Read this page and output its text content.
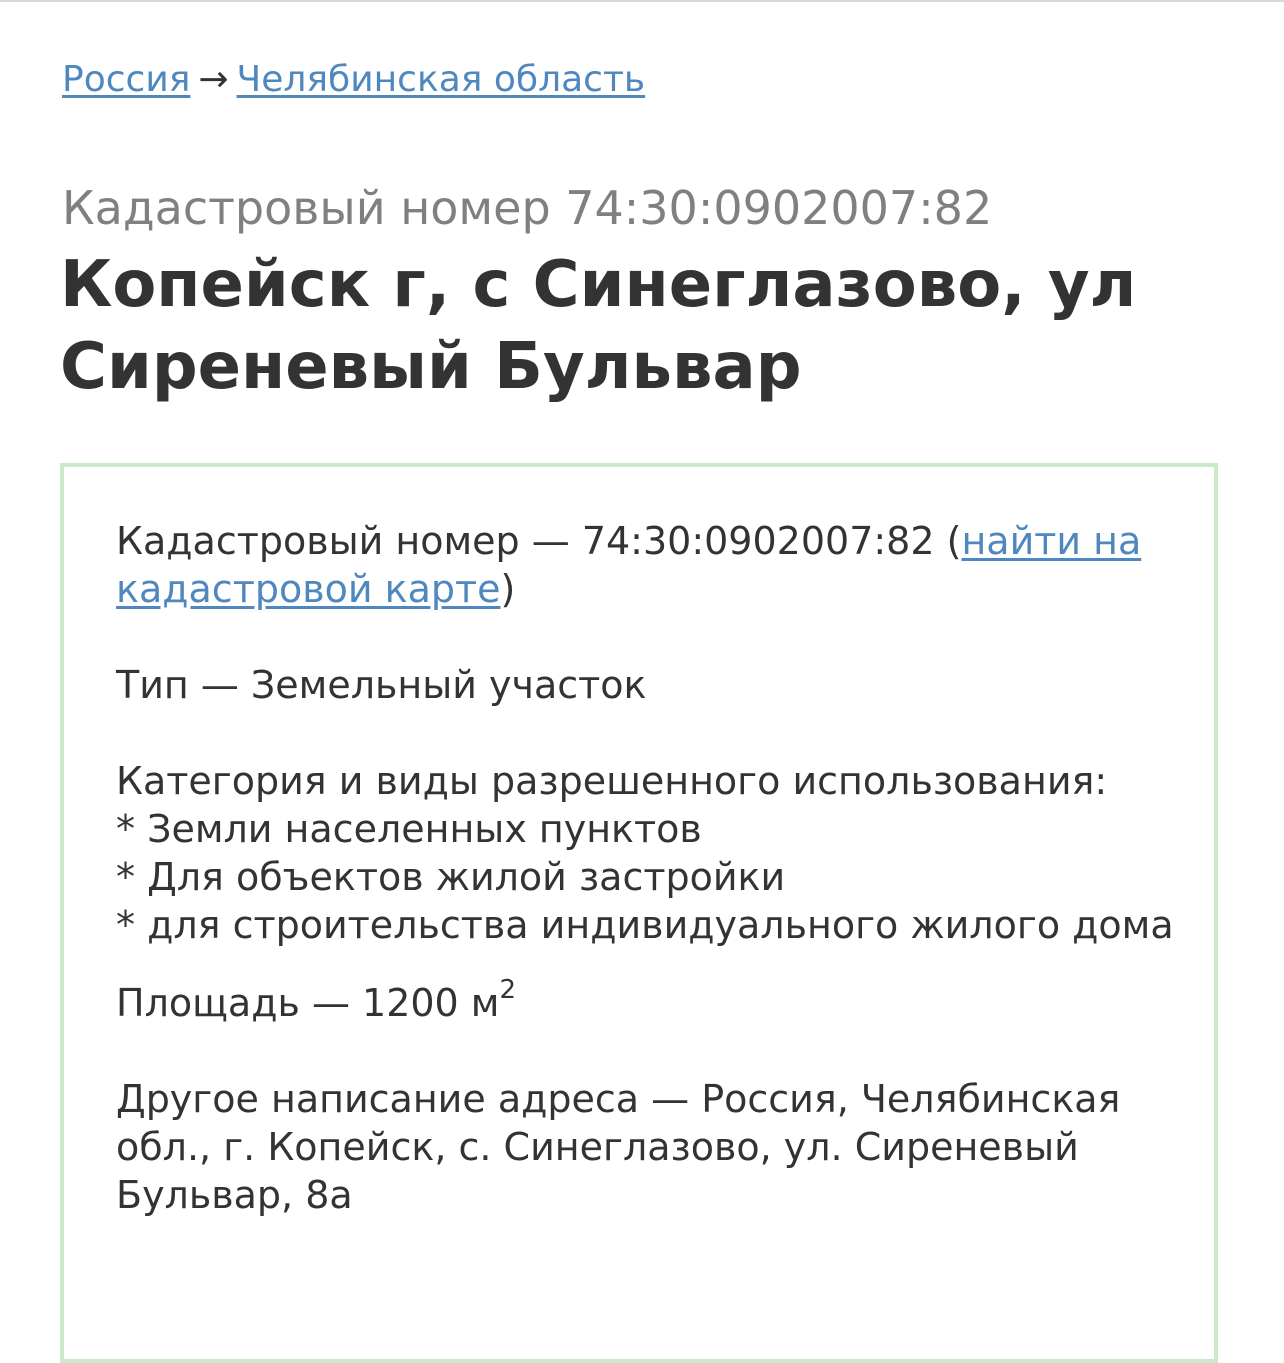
Россия → Челябинская область
Кадастровый номер 74:30:0902007:82
Копейск г, с Синеглазово, ул Сиреневый Бульвар

Кадастровый номер — 74:30:0902007:82 (найти на кадастровой карте)

Тип — Земельный участок

Категория и виды разрешенного использования:

* Земли населенных пунктов

* Для объектов жилой застройки

* для строительства индивидуального жилого дома

Площадь — 1200 $м^2$

Другое написание адреса — Россия, Челябинская обл., г. Копейск, с. Синеглазово, ул. Сиреневый Бульвар, 8а
